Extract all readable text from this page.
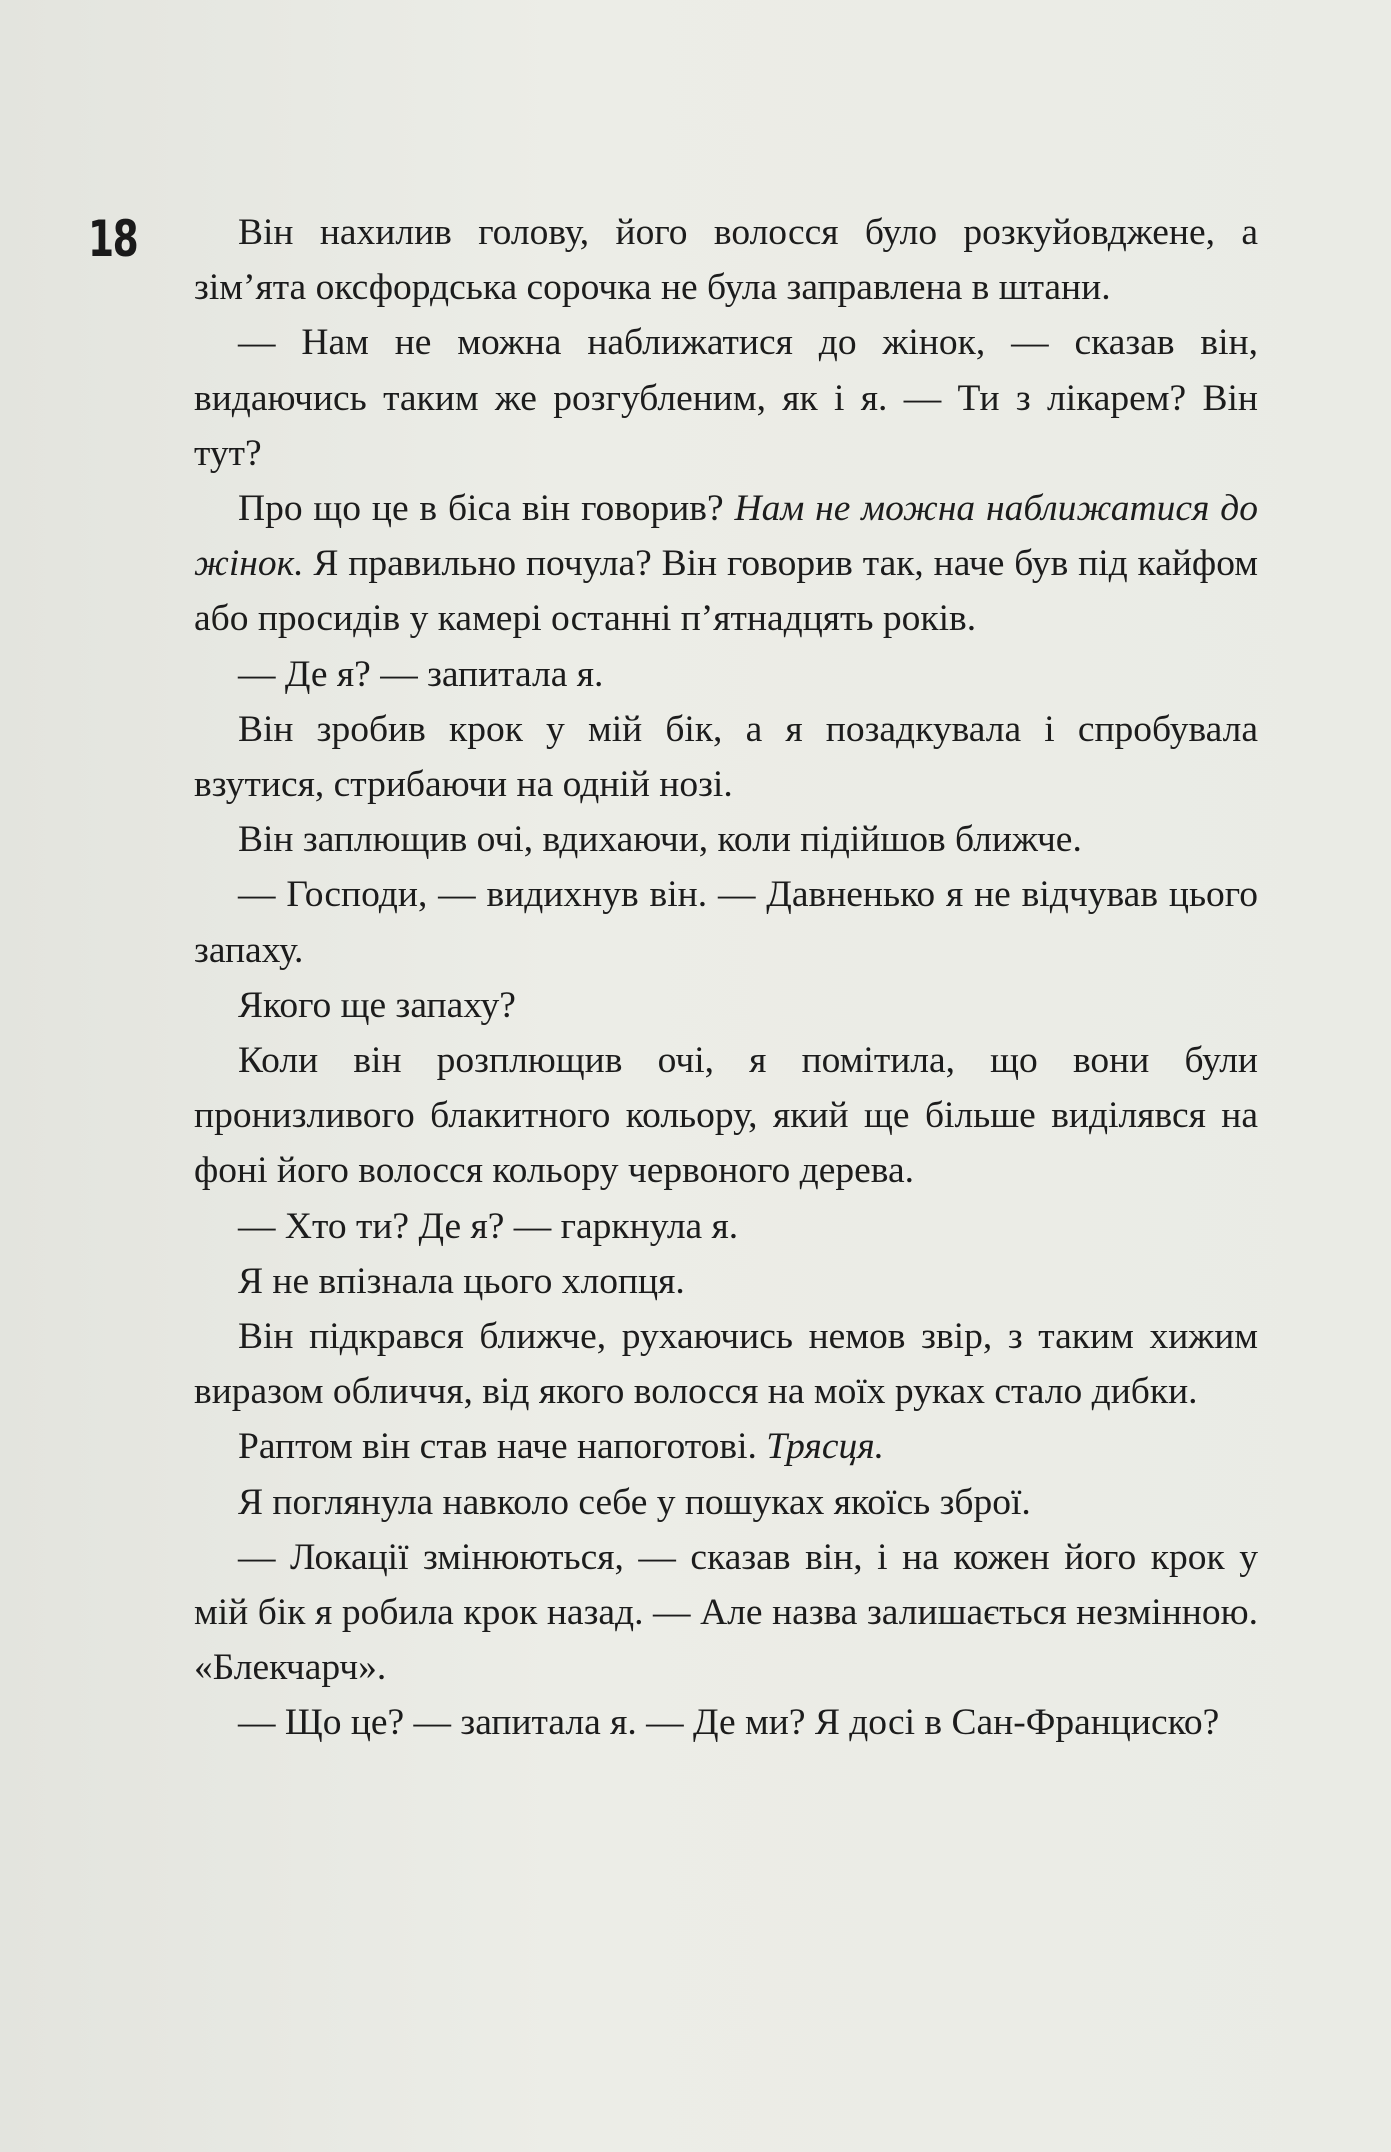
18	Він нахилив голову, його волосся було розкуйовджене, а зім’ята оксфордська сорочка не була заправлена в штани.

— Нам не можна наближатися до жінок, — сказав він, видаючись таким же розгубленим, як і я. — Ти з лікарем? Він тут?

Про що це в біса він говорив? Нам не можна наближатися до жінок. Я правильно почула? Він говорив так, наче був під кайфом або просидів у камері останні п’ятнадцять років.

— Де я? — запитала я.

Він зробив крок у мій бік, а я позадкувала і спробувала взутися, стрибаючи на одній нозі.

Він заплющив очі, вдихаючи, коли підійшов ближче.

— Господи, — видихнув він. — Давненько я не відчував цього запаху.

Якого ще запаху?

Коли він розплющив очі, я помітила, що вони були пронизливого блакитного кольору, який ще більше виділявся на фоні його волосся кольору червоного дерева.

— Хто ти? Де я? — гаркнула я.

Я не впізнала цього хлопця.

Він підкрався ближче, рухаючись немов звір, з таким хижим виразом обличчя, від якого волосся на моїх руках стало дибки.

Раптом він став наче напоготові. Трясця.

Я поглянула навколо себе у пошуках якоїсь зброї.

— Локації змінюються, — сказав він, і на кожен його крок у мій бік я робила крок назад. — Але назва залишається незмінною. «Блекчарч».

— Що це? — запитала я. — Де ми? Я досі в Сан-Франциско?
